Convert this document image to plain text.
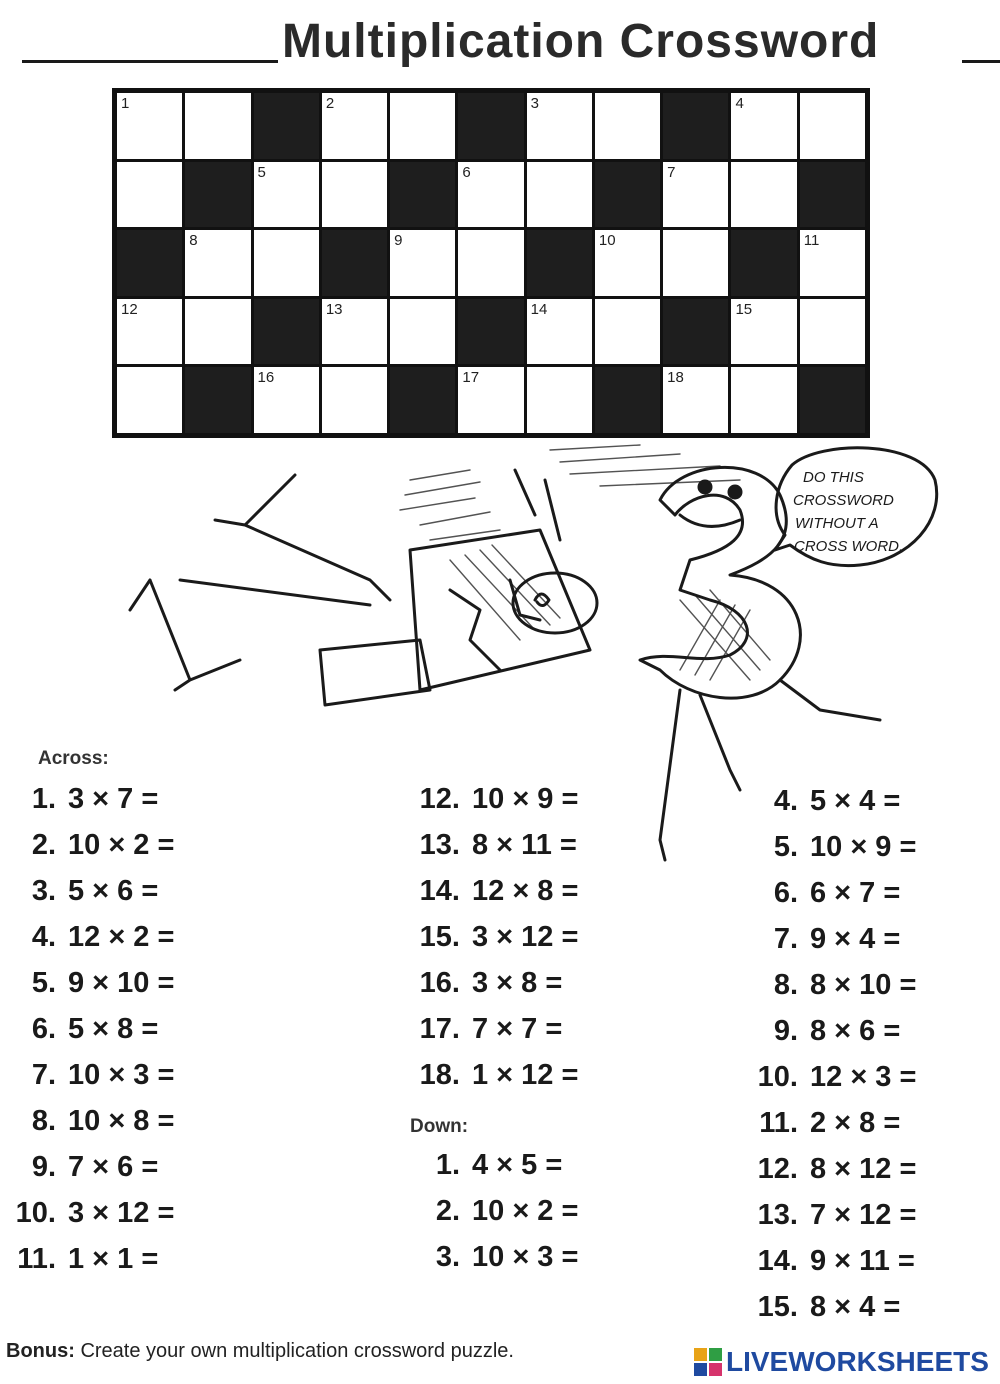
Multiplication Crossword
1	2	3	4
5	6	7
8	9	10	11
12	13	14	15
16	17	18
DO THIS
CROSSWORD
WITHOUT A
CROSS WORD.
Across:
1. 3 × 7 =
2. 10 × 2 =
3. 5 × 6 =
4. 12 × 2 =
5. 9 × 10 =
6. 5 × 8 =
7. 10 × 3 =
8. 10 × 8 =
9. 7 × 6 =
10. 3 × 12 =
11. 1 × 1 =
12. 10 × 9 =
13. 8 × 11 =
14. 12 × 8 =
15. 3 × 12 =
16. 3 × 8 =
17. 7 × 7 =
18. 1 × 12 =
Down:
1. 4 × 5 =
2. 10 × 2 =
3. 10 × 3 =
4. 5 × 4 =
5. 10 × 9 =
6. 6 × 7 =
7. 9 × 4 =
8. 8 × 10 =
9. 8 × 6 =
10. 12 × 3 =
11. 2 × 8 =
12. 8 × 12 =
13. 7 × 12 =
14. 9 × 11 =
15. 8 × 4 =
Bonus: Create your own multiplication crossword puzzle.	LIVEWORKSHEETS
